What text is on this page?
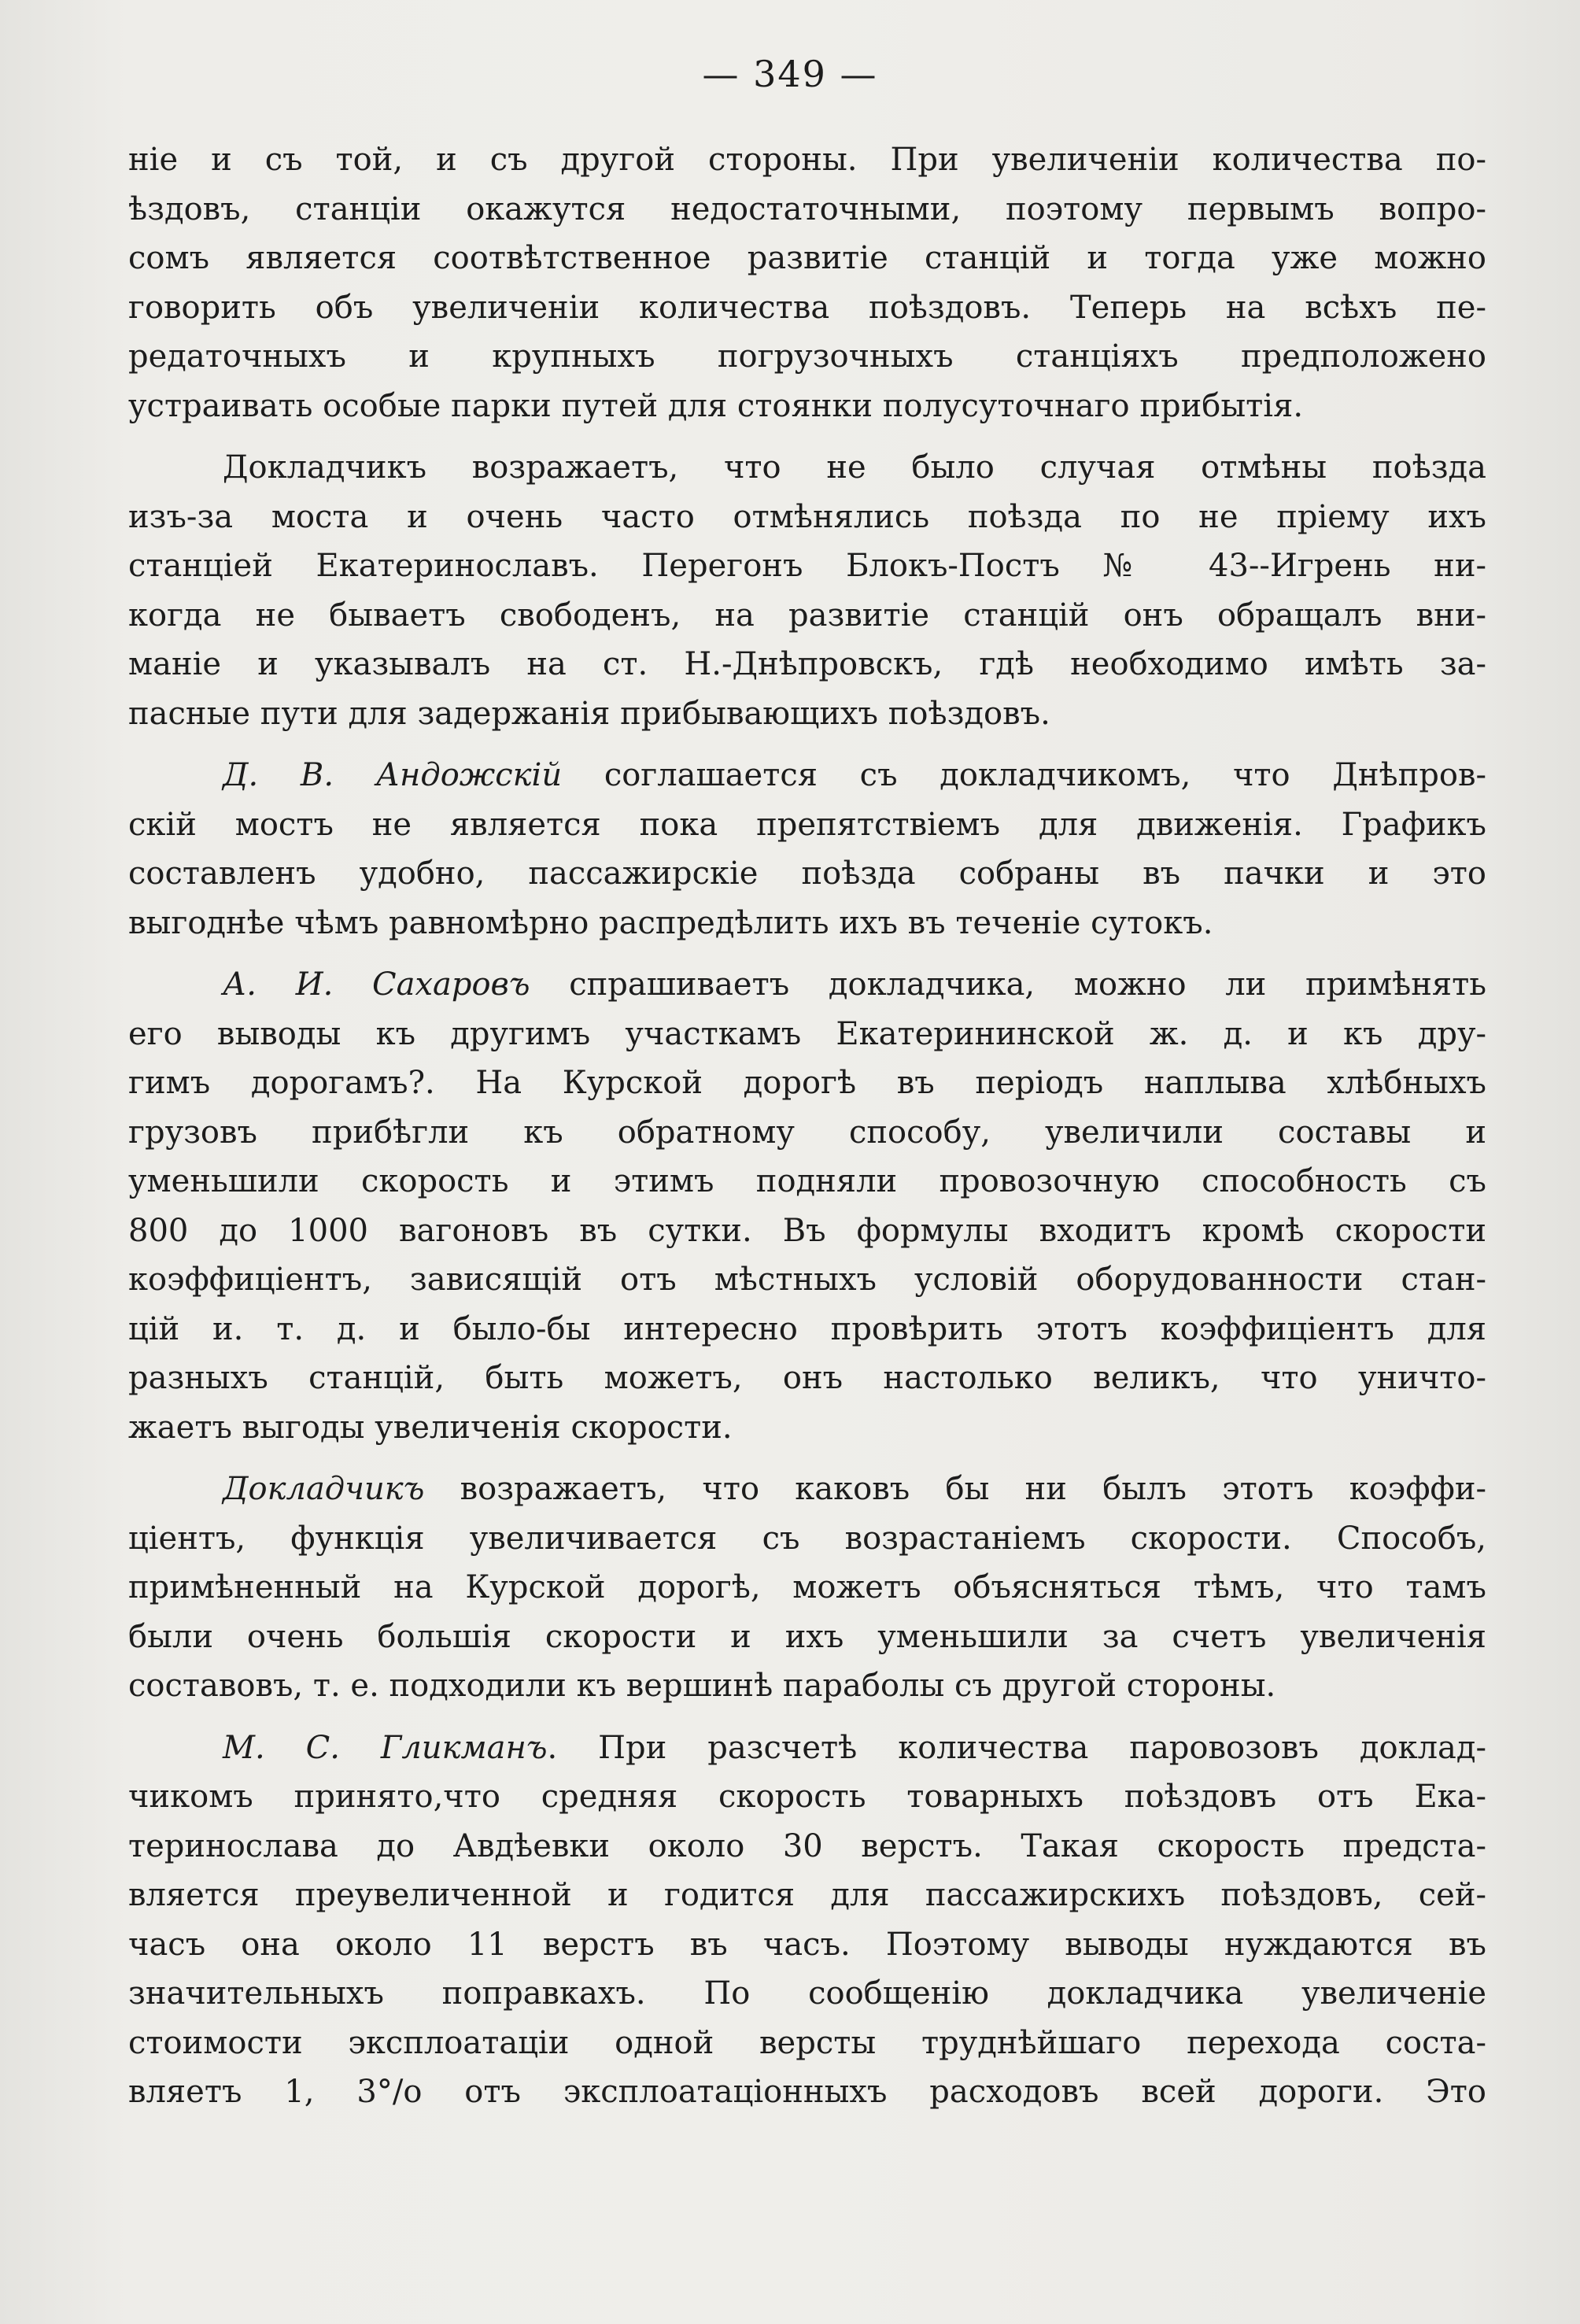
— 349 —

ніе и съ той, и съ другой стороны. При увеличеніи количества по-
ѣздовъ, станціи окажутся недостаточными, поэтому первымъ вопро-
сомъ является соотвѣтственное развитіе станцій и тогда уже можно
говорить объ увеличеніи количества поѣздовъ. Теперь на всѣхъ пе-
редаточныхъ и крупныхъ погрузочныхъ станціяхъ предположено
устраивать особые парки путей для стоянки полусуточнаго прибытія.

Докладчикъ возражаетъ, что не было случая отмѣны поѣзда
изъ-за моста и очень часто отмѣнялись поѣзда по не пріему ихъ
станціей Екатеринославъ. Перегонъ Блокъ-Постъ № 43--Игрень ни-
когда не бываетъ свободенъ, на развитіе станцій онъ обращалъ вни-
маніе и указывалъ на ст. Н.-Днѣпровскъ, гдѣ необходимо имѣть за-
пасные пути для задержанія прибывающихъ поѣздовъ.

Д. В. Андожскій соглашается съ докладчикомъ, что Днѣпров-
скій мостъ не является пока препятствіемъ для движенія. Графикъ
составленъ удобно, пассажирскіе поѣзда собраны въ пачки и это
выгоднѣе чѣмъ равномѣрно распредѣлить ихъ въ теченіе сутокъ.

А. И. Сахаровъ спрашиваетъ докладчика, можно ли примѣнять
его выводы къ другимъ участкамъ Екатерининской ж. д. и къ дру-
гимъ дорогамъ?. На Курской дорогѣ въ періодъ наплыва хлѣбныхъ
грузовъ прибѣгли къ обратному способу, увеличили составы и
уменьшили скорость и этимъ подняли провозочную способность съ
800 до 1000 вагоновъ въ сутки. Въ формулы входитъ кромѣ скорости
коэффиціентъ, зависящій отъ мѣстныхъ условій оборудованности стан-
цій и. т. д. и было-бы интересно провѣрить этотъ коэффиціентъ для
разныхъ станцій, быть можетъ, онъ настолько великъ, что уничто-
жаетъ выгоды увеличенія скорости.

Докладчикъ возражаетъ, что каковъ бы ни былъ этотъ коэффи-
ціентъ, функція увеличивается съ возрастаніемъ скорости. Способъ,
примѣненный на Курской дорогѣ, можетъ объясняться тѣмъ, что тамъ
были очень большія скорости и ихъ уменьшили за счетъ увеличенія
составовъ, т. е. подходили къ вершинѣ параболы съ другой стороны.

М. С. Гликманъ. При разсчетѣ количества паровозовъ доклад-
чикомъ принято,что средняя скорость товарныхъ поѣздовъ отъ Ека-
теринослава до Авдѣевки около 30 верстъ. Такая скорость предста-
вляется преувеличенной и годится для пассажирскихъ поѣздовъ, сей-
часъ она около 11 верстъ въ часъ. Поэтому выводы нуждаются въ
значительныхъ поправкахъ. По сообщенію докладчика увеличеніе
стоимости эксплоатаціи одной версты труднѣйшаго перехода соста-
вляетъ 1, 3°/о отъ эксплоатаціонныхъ расходовъ всей дороги. Это
